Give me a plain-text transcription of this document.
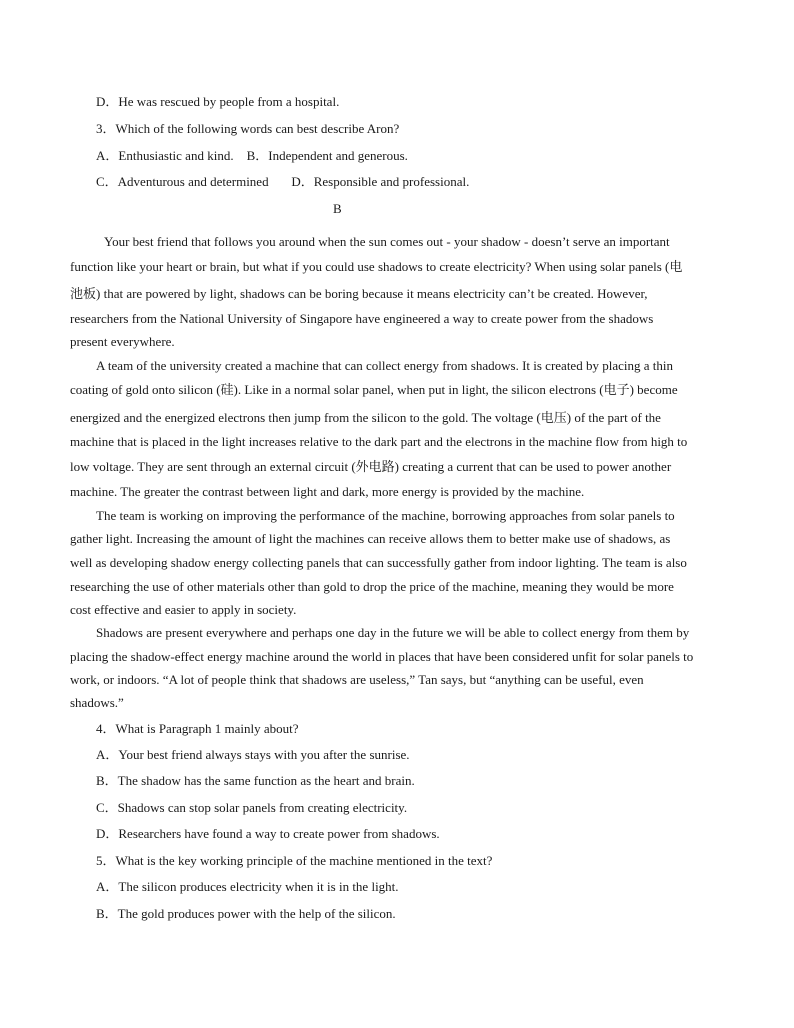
D．He was rescued by people from a hospital.
3．Which of the following words can best describe Aron?
A．Enthusiastic and kind.    B．Independent and generous.
C．Adventurous and determined       D．Responsible and professional.
B
Your best friend that follows you around when the sun comes out - your shadow - doesn’t serve an important
function like your heart or brain, but what if you could use shadows to create electricity? When using solar panels (电
池板) that are powered by light, shadows can be boring because it means electricity can’t be created. However,
researchers from the National University of Singapore have engineered a way to create power from the shadows
present everywhere.
A team of the university created a machine that can collect energy from shadows. It is created by placing a thin
coating of gold onto silicon (硅). Like in a normal solar panel, when put in light, the silicon electrons (电子) become
energized and the energized electrons then jump from the silicon to the gold. The voltage (电压) of the part of the
machine that is placed in the light increases relative to the dark part and the electrons in the machine flow from high to
low voltage. They are sent through an external circuit (外电路) creating a current that can be used to power another
machine. The greater the contrast between light and dark, more energy is provided by the machine.
The team is working on improving the performance of the machine, borrowing approaches from solar panels to
gather light. Increasing the amount of light the machines can receive allows them to better make use of shadows, as
well as developing shadow energy collecting panels that can successfully gather from indoor lighting. The team is also
researching the use of other materials other than gold to drop the price of the machine, meaning they would be more
cost effective and easier to apply in society.
Shadows are present everywhere and perhaps one day in the future we will be able to collect energy from them by
placing the shadow-effect energy machine around the world in places that have been considered unfit for solar panels to
work, or indoors. “A lot of people think that shadows are useless,” Tan says, but “anything can be useful, even
shadows.”
4．What is Paragraph 1 mainly about?
A．Your best friend always stays with you after the sunrise.
B．The shadow has the same function as the heart and brain.
C．Shadows can stop solar panels from creating electricity.
D．Researchers have found a way to create power from shadows.
5．What is the key working principle of the machine mentioned in the text?
A．The silicon produces electricity when it is in the light.
B．The gold produces power with the help of the silicon.
